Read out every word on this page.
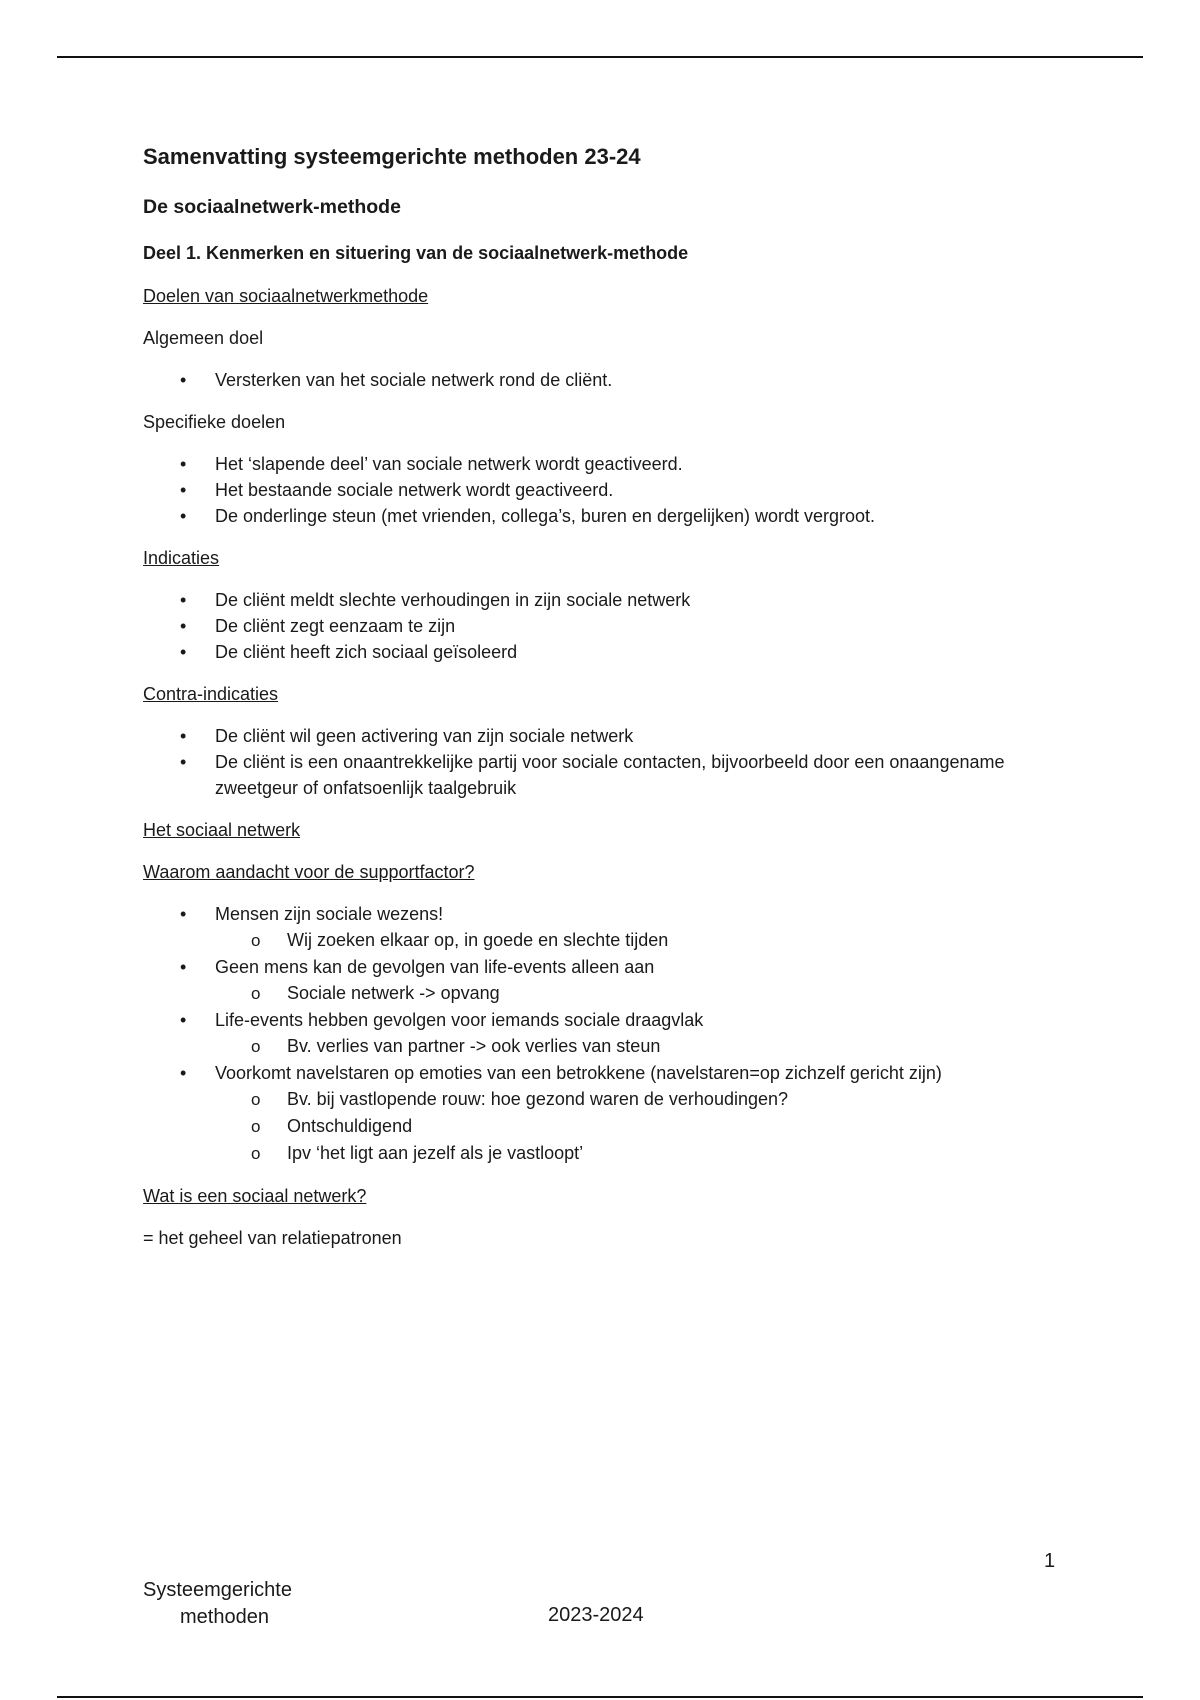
Samenvatting systeemgerichte methoden 23-24
De sociaalnetwerk-methode
Deel 1. Kenmerken en situering van de sociaalnetwerk-methode
Doelen van sociaalnetwerkmethode
Algemeen doel
• Versterken van het sociale netwerk rond de cliënt.
Specifieke doelen
• Het ‘slapende deel’ van sociale netwerk wordt geactiveerd.
• Het bestaande sociale netwerk wordt geactiveerd.
• De onderlinge steun (met vrienden, collega’s, buren en dergelijken) wordt vergroot.
Indicaties
• De cliënt meldt slechte verhoudingen in zijn sociale netwerk
• De cliënt zegt eenzaam te zijn
• De cliënt heeft zich sociaal geïsoleerd
Contra-indicaties
• De cliënt wil geen activering van zijn sociale netwerk
• De cliënt is een onaantrekkelijke partij voor sociale contacten, bijvoorbeeld door een onaangename zweetgeur of onfatsoenlijk taalgebruik
Het sociaal netwerk
Waarom aandacht voor de supportfactor?
• Mensen zijn sociale wezens!
o Wij zoeken elkaar op, in goede en slechte tijden
• Geen mens kan de gevolgen van life-events alleen aan
o Sociale netwerk -> opvang
• Life-events hebben gevolgen voor iemands sociale draagvlak
o Bv. verlies van partner -> ook verlies van steun
• Voorkomt navelstaren op emoties van een betrokkene (navelstaren=op zichzelf gericht zijn)
o Bv. bij vastlopende rouw: hoe gezond waren de verhoudingen?
o Ontschuldigend
o Ipv ‘het ligt aan jezelf als je vastloopt’
Wat is een sociaal netwerk?
= het geheel van relatiepatronen
1
Systeemgerichte
methoden	2023-2024
